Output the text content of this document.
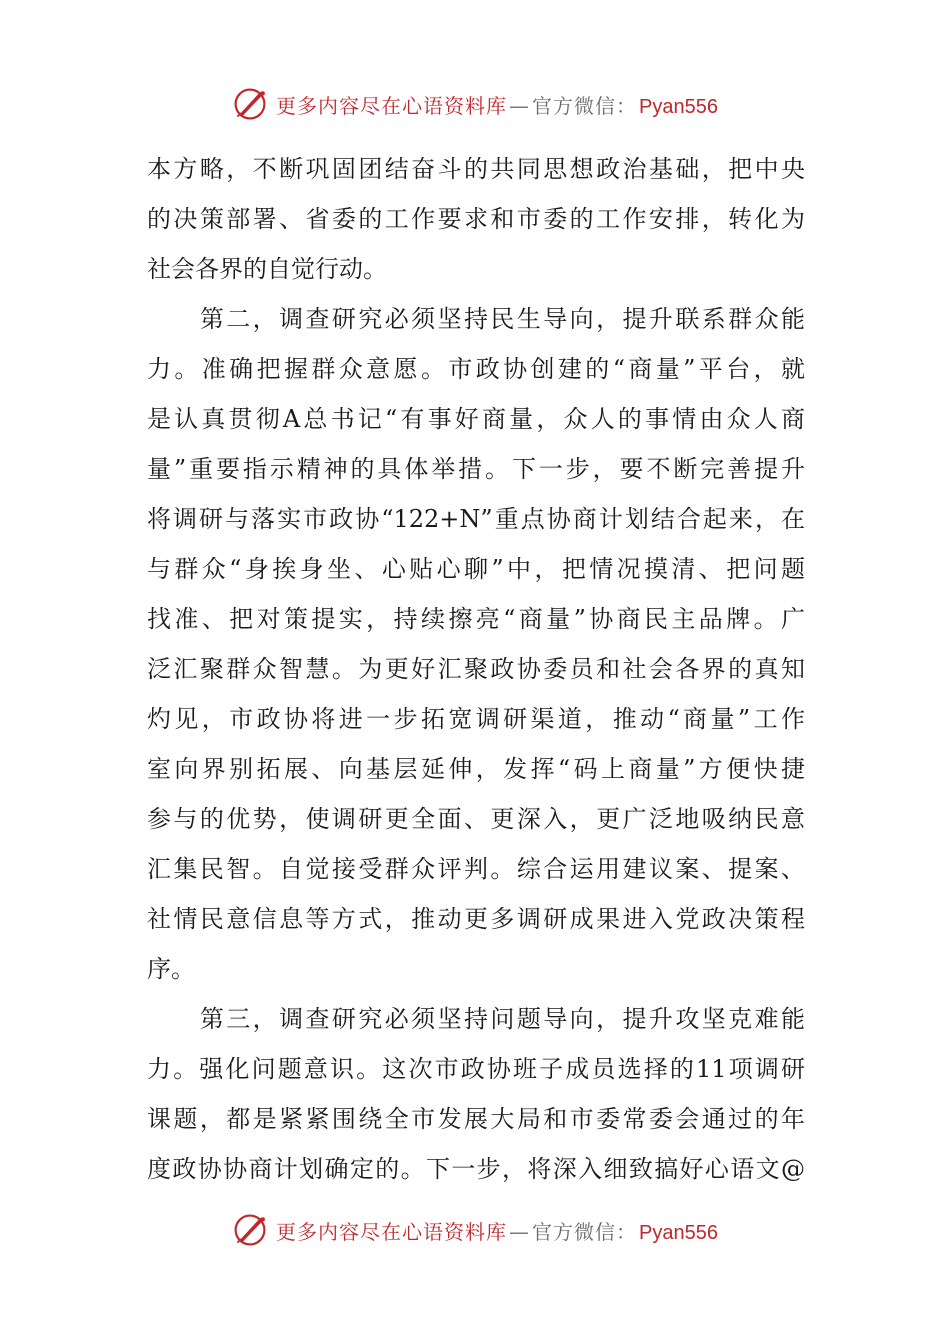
更多内容尽在心语资料库 — 官方微信： Pyan556
本方略，不断巩固团结奋斗的共同思想政治基础，把中央
的决策部署、省委的工作要求和市委的工作安排，转化为
社会各界的自觉行动。
　　第二，调查研究必须坚持民生导向，提升联系群众能
力。准确把握群众意愿。市政协创建的“商量”平台，就
是认真贯彻A总书记“有事好商量，众人的事情由众人商
量”重要指示精神的具体举措。下一步，要不断完善提升
将调研与落实市政协“122+N”重点协商计划结合起来，在
与群众“身挨身坐、心贴心聊”中，把情况摸清、把问题
找准、把对策提实，持续擦亮“商量”协商民主品牌。广
泛汇聚群众智慧。为更好汇聚政协委员和社会各界的真知
灼见，市政协将进一步拓宽调研渠道，推动“商量”工作
室向界别拓展、向基层延伸，发挥“码上商量”方便快捷
参与的优势，使调研更全面、更深入，更广泛地吸纳民意
汇集民智。自觉接受群众评判。综合运用建议案、提案、
社情民意信息等方式，推动更多调研成果进入党政决策程
序。
　　第三，调查研究必须坚持问题导向，提升攻坚克难能
力。强化问题意识。这次市政协班子成员选择的11项调研
课题，都是紧紧围绕全市发展大局和市委常委会通过的年
度政协协商计划确定的。下一步，将深入细致搞好心语文@
更多内容尽在心语资料库 — 官方微信： Pyan556
